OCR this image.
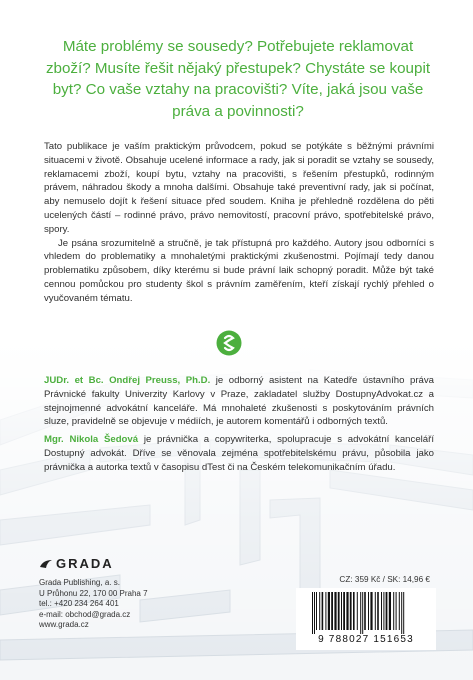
Máte problémy se sousedy? Potřebujete reklamovat zboží? Musíte řešit nějaký přestupek? Chystáte se koupit byt? Co vaše vztahy na pracovišti? Víte, jaká jsou vaše práva a povinnosti?

Tato publikace je vaším praktickým průvodcem, pokud se potýkáte s běžnými právními situacemi v životě. Obsahuje ucelené informace a rady, jak si poradit se vztahy se sousedy, reklamacemi zboží, koupí bytu, vztahy na pracovišti, s řešením přestupků, rodinným právem, náhradou škody a mnoha dalšími. Obsahuje také preventivní rady, jak si počínat, aby nemuselo dojít k řešení situace před soudem. Kniha je přehledně rozdělena do pěti ucelených částí – rodinné právo, právo nemovitostí, pracovní právo, spotřebitelské právo, spory.

Je psána srozumitelně a stručně, je tak přístupná pro každého. Autory jsou odborníci s vhledem do problematiky a mnohaletými praktickými zkušenostmi. Pojímají tedy danou problematiku způsobem, díky kterému si bude právní laik schopný poradit. Může být také cennou pomůckou pro studenty škol s právním zaměřením, kteří získají rychlý přehled o vyučovaném tématu.

JUDr. et Bc. Ondřej Preuss, Ph.D. je odborný asistent na Katedře ústavního práva Právnické fakulty Univerzity Karlovy v Praze, zakladatel služby DostupnyAdvokat.cz a stejnojmenné advokátní kanceláře. Má mnohaleté zkušenosti s poskytováním právních sluze, pravidelně se objevuje v médiích, je autorem komentářů i odborných textů.

Mgr. Nikola Šedová je právnička a copywriterka, spolupracuje s advokátní kanceláří Dostupný advokát. Dříve se věnovala zejména spotřebitelskému právu, působila jako právnička a autorka textů v časopisu dTest či na Českém telekomunikačním úřadu.

GRADA
Grada Publishing, a. s.
U Průhonu 22, 170 00 Praha 7
tel.: +420 234 264 401
e-mail: obchod@grada.cz
www.grada.cz
CZ: 359 Kč / SK: 14,96 €
9 788027 151653
